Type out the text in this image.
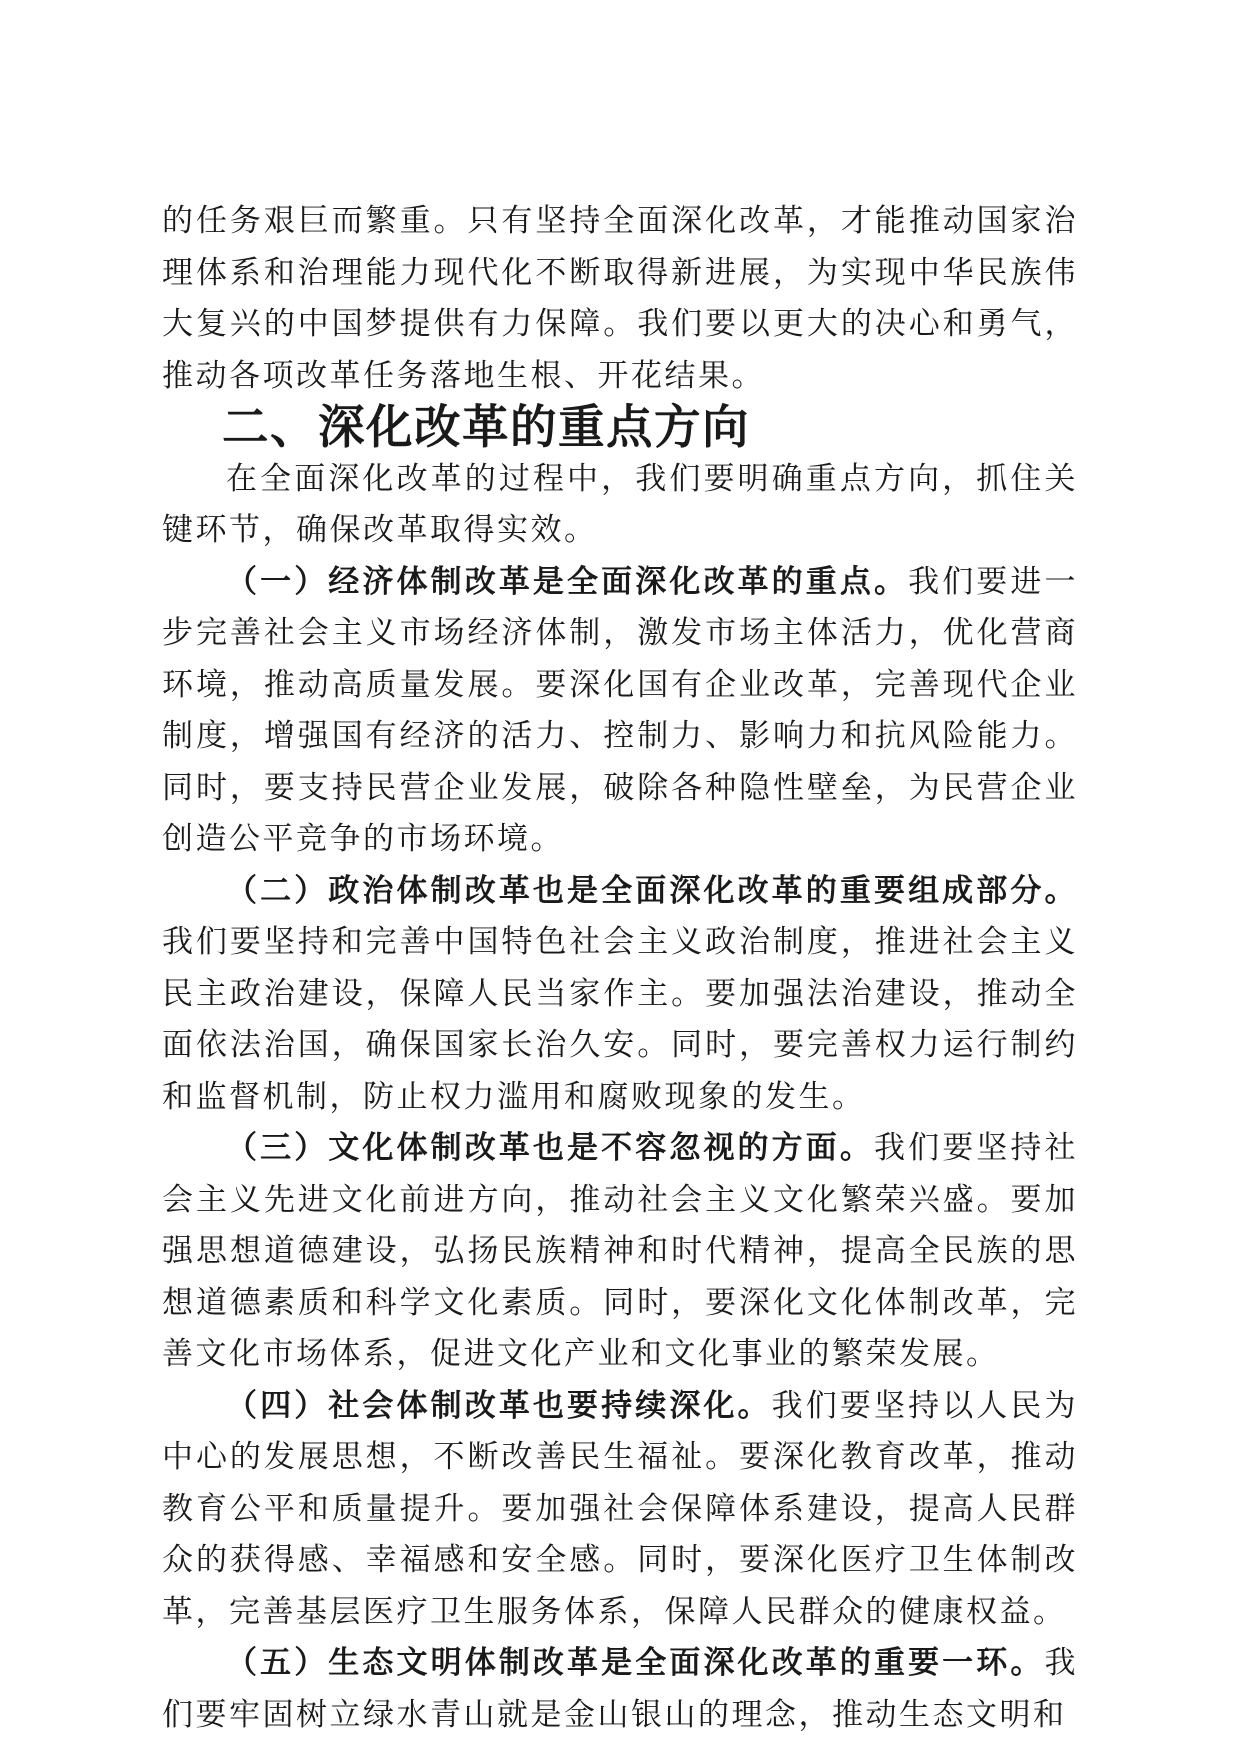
的任务艰巨而繁重。只有坚持全面深化改革，才能推动国家治理体系和治理能力现代化不断取得新进展，为实现中华民族伟大复兴的中国梦提供有力保障。我们要以更大的决心和勇气，推动各项改革任务落地生根、开花结果。

二、深化改革的重点方向

在全面深化改革的过程中，我们要明确重点方向，抓住关键环节，确保改革取得实效。

（一）经济体制改革是全面深化改革的重点。我们要进一步完善社会主义市场经济体制，激发市场主体活力，优化营商环境，推动高质量发展。要深化国有企业改革，完善现代企业制度，增强国有经济的活力、控制力、影响力和抗风险能力。同时，要支持民营企业发展，破除各种隐性壁垒，为民营企业创造公平竞争的市场环境。

（二）政治体制改革也是全面深化改革的重要组成部分。我们要坚持和完善中国特色社会主义政治制度，推进社会主义民主政治建设，保障人民当家作主。要加强法治建设，推动全面依法治国，确保国家长治久安。同时，要完善权力运行制约和监督机制，防止权力滥用和腐败现象的发生。

（三）文化体制改革也是不容忽视的方面。我们要坚持社会主义先进文化前进方向，推动社会主义文化繁荣兴盛。要加强思想道德建设，弘扬民族精神和时代精神，提高全民族的思想道德素质和科学文化素质。同时，要深化文化体制改革，完善文化市场体系，促进文化产业和文化事业的繁荣发展。

（四）社会体制改革也要持续深化。我们要坚持以人民为中心的发展思想，不断改善民生福祉。要深化教育改革，推动教育公平和质量提升。要加强社会保障体系建设，提高人民群众的获得感、幸福感和安全感。同时，要深化医疗卫生体制改革，完善基层医疗卫生服务体系，保障人民群众的健康权益。

（五）生态文明体制改革是全面深化改革的重要一环。我们要牢固树立绿水青山就是金山银山的理念，推动生态文明和
